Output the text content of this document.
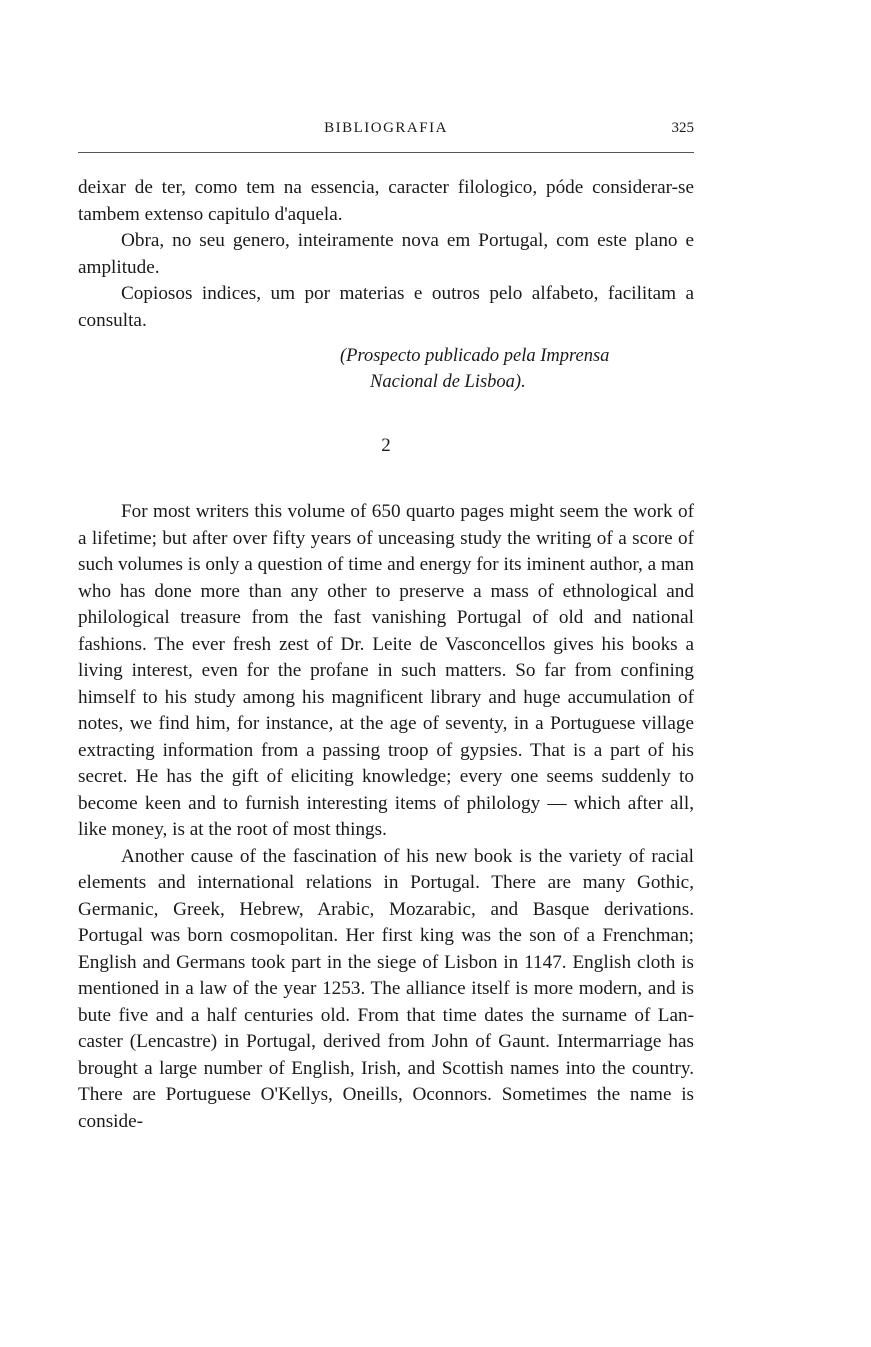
BIBLIOGRAFIA	325

deixar de ter, como tem na essencia, caracter filologico, póde considerar-se tambem extenso capitulo d'aquela.

Obra, no seu genero, inteiramente nova em Portugal, com este plano e amplitude.

Copiosos indices, um por materias e outros pelo alfabeto, facilitam a consulta.

(Prospecto publicado pela Imprensa
Nacional de Lisboa).
2

For most writers this volume of 650 quarto pages might seem the work of a lifetime; but after over fifty years of unceasing study the writing of a score of such volumes is only a question of time and energy for its iminent author, a man who has done more than any other to preserve a mass of ethnological and philological treasure from the fast vanishing Portugal of old and national fashions. The ever fresh zest of Dr. Leite de Vasconcellos gives his books a living interest, even for the profane in such matters. So far from confining himself to his study among his magnificent library and huge accumulation of notes, we find him, for instance, at the age of seventy, in a Portuguese village extracting information from a passing troop of gypsies. That is a part of his secret. He has the gift of eliciting knowledge; every one seems suddenly to become keen and to furnish interesting items of philology — which after all, like money, is at the root of most things.

Another cause of the fascination of his new book is the variety of racial elements and international relations in Portugal. There are many Gothic, Germanic, Greek, Hebrew, Arabic, Mozarabic, and Basque derivations. Portugal was born cosmopolitan. Her first king was the son of a Frenchman; English and Germans took part in the siege of Lisbon in 1147. English cloth is mentioned in a law of the year 1253. The alliance itself is more modern, and is bute five and a half centuries old. From that time dates the surname of Lancaster (Lencastre) in Portugal, derived from John of Gaunt. Intermarriage has brought a large number of English, Irish, and Scottish names into the country. There are Portuguese O'Kellys, Oneills, Oconnors. Sometimes the name is conside-
